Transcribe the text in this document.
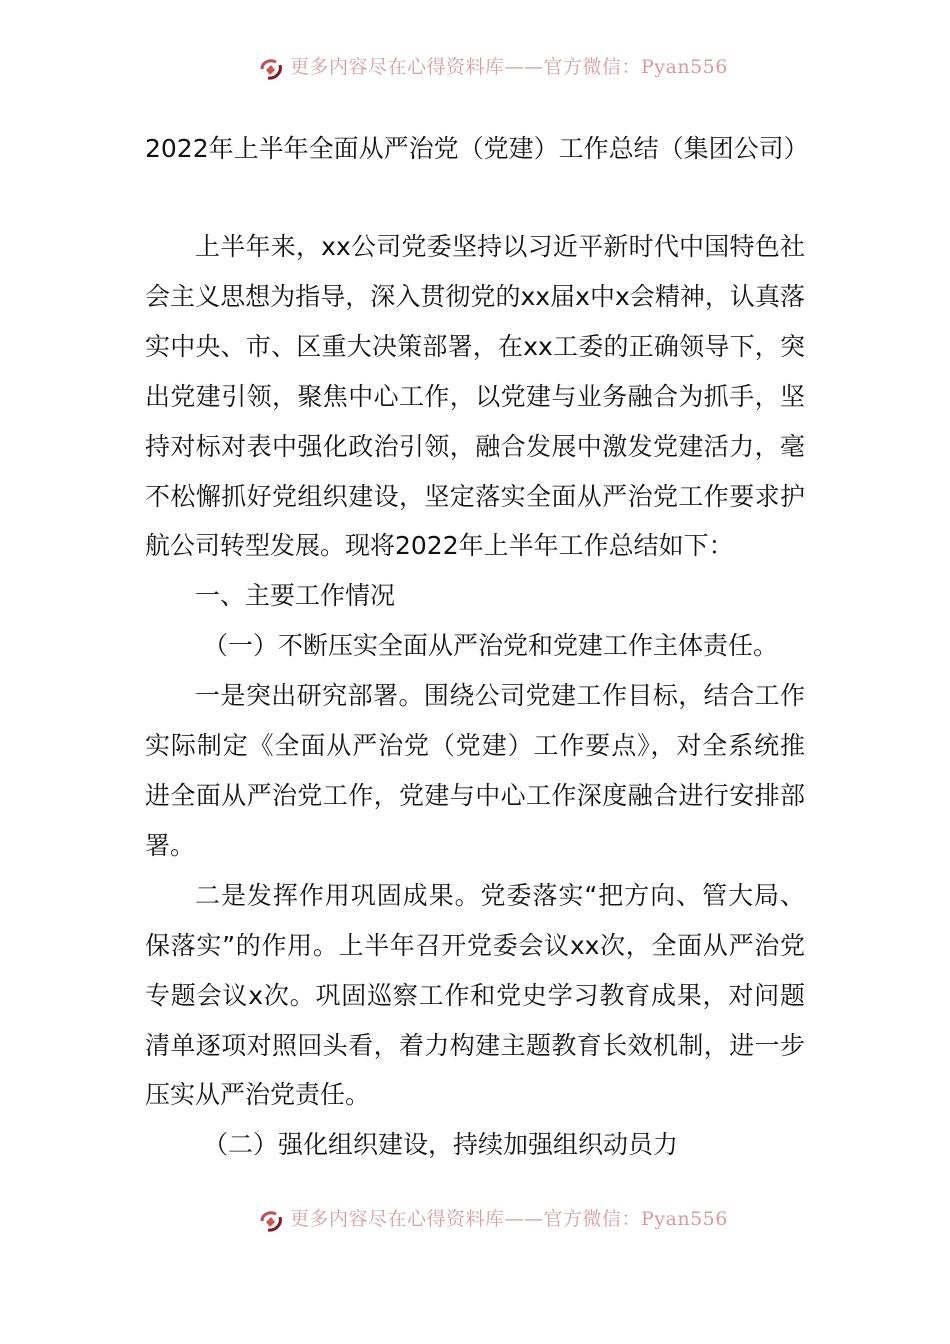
更多内容尽在心得资料库——官方微信：Pyan556
2022年上半年全面从严治党（党建）工作总结（集团公司）

上半年来，xx公司党委坚持以习近平新时代中国特色社会主义思想为指导，深入贯彻党的xx届x中x会精神，认真落实中央、市、区重大决策部署，在xx工委的正确领导下，突出党建引领，聚焦中心工作，以党建与业务融合为抓手，坚持对标对表中强化政治引领，融合发展中激发党建活力，毫不松懈抓好党组织建设，坚定落实全面从严治党工作要求护航公司转型发展。现将2022年上半年工作总结如下：

一、主要工作情况

（一）不断压实全面从严治党和党建工作主体责任。

一是突出研究部署。围绕公司党建工作目标，结合工作实际制定《全面从严治党（党建）工作要点》，对全系统推进全面从严治党工作，党建与中心工作深度融合进行安排部署。

二是发挥作用巩固成果。党委落实“把方向、管大局、保落实”的作用。上半年召开党委会议xx次，全面从严治党专题会议x次。巩固巡察工作和党史学习教育成果，对问题清单逐项对照回头看，着力构建主题教育长效机制，进一步压实从严治党责任。

（二）强化组织建设，持续加强组织动员力

更多内容尽在心得资料库——官方微信：Pyan556
